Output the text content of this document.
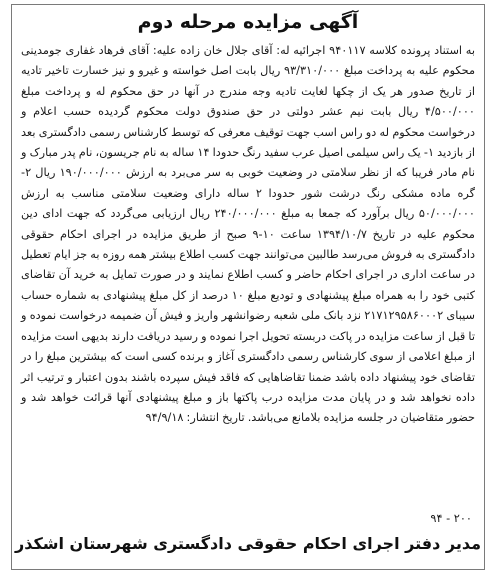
آگهی مزایده مرحله دوم

به استناد پرونده کلاسه ۹۴۰۱۱۷ اجرائیه له: آقای جلال خان زاده علیه: آقای فرهاد غفاری جومدینی محکوم علیه به پرداخت مبلغ ۹۳/۳۱۰/۰۰۰ ریال بابت اصل خواسته و غیرو و نیز خسارت تاخیر تادیه از تاریخ صدور هر یک از چکها لغایت تادیه وجه مندرج در آنها در حق محکوم له و پرداخت مبلغ ۴/۵۰۰/۰۰۰ ریال بابت نیم عشر دولتی در حق صندوق دولت محکوم گردیده حسب اعلام و درخواست محکوم له دو راس اسب جهت توقیف معرفی که توسط کارشناس رسمی دادگستری بعد از بازدید ۱- یک راس سیلمی اصیل عرب سفید رنگ حدودا ۱۴ ساله به نام جریسون، نام پدر مبارک و نام مادر فریبا که از نظر سلامتی در وضعیت خوبی به سر می‌برد به ارزش ۱۹۰/۰۰۰/۰۰۰ ریال ۲- گره ماده مشکی رنگ درشت شور حدودا ۲ ساله دارای وضعیت سلامتی مناسب به ارزش ۵۰/۰۰۰/۰۰۰ ریال برآورد که جمعا به مبلغ ۲۴۰/۰۰۰/۰۰۰ ریال ارزیابی می‌گردد که جهت ادای دین محکوم علیه در تاریخ ۱۳۹۴/۱۰/۷ ساعت ۱۰-۹ صبح از طریق مزایده در اجرای احکام حقوقی دادگستری به فروش می‌رسد طالبین می‌توانند جهت کسب اطلاع بیشتر همه روزه به جز ایام تعطیل در ساعت اداری در اجرای احکام حاضر و کسب اطلاع نمایند و در صورت تمایل به خرید آن تقاضای کتبی خود را به همراه مبلغ پیشنهادی و تودیع مبلغ ۱۰ درصد از کل مبلغ پیشنهادی به شماره حساب سیبای ۲۱۷۱۲۹۵۸۶۰۰۰۲ نزد بانک ملی شعبه رضوانشهر واریز و فیش آن ضمیمه درخواست نموده و تا قبل از ساعت مزایده در پاکت دربسته تحویل اجرا نموده و رسید دریافت دارند بدیهی است مزایده از مبلغ اعلامی از سوی کارشناس رسمی دادگستری آغاز و برنده کسی است که بیشترین مبلغ را در تقاضای خود پیشنهاد داده باشد ضمنا تقاضاهایی که فاقد فیش سپرده باشند بدون اعتبار و ترتیب اثر داده نخواهد شد و در پایان مدت مزایده درب پاکتها باز و مبلغ پیشنهادی آنها قرائت خواهد شد و حضور متقاضیان در جلسه مزایده بلامانع می‌باشد. تاریخ انتشار: ۹۴/۹/۱۸

۹۴ - ۲۰۰

مدیر دفتر اجرای احکام حقوقی دادگستری شهرستان اشکذر
